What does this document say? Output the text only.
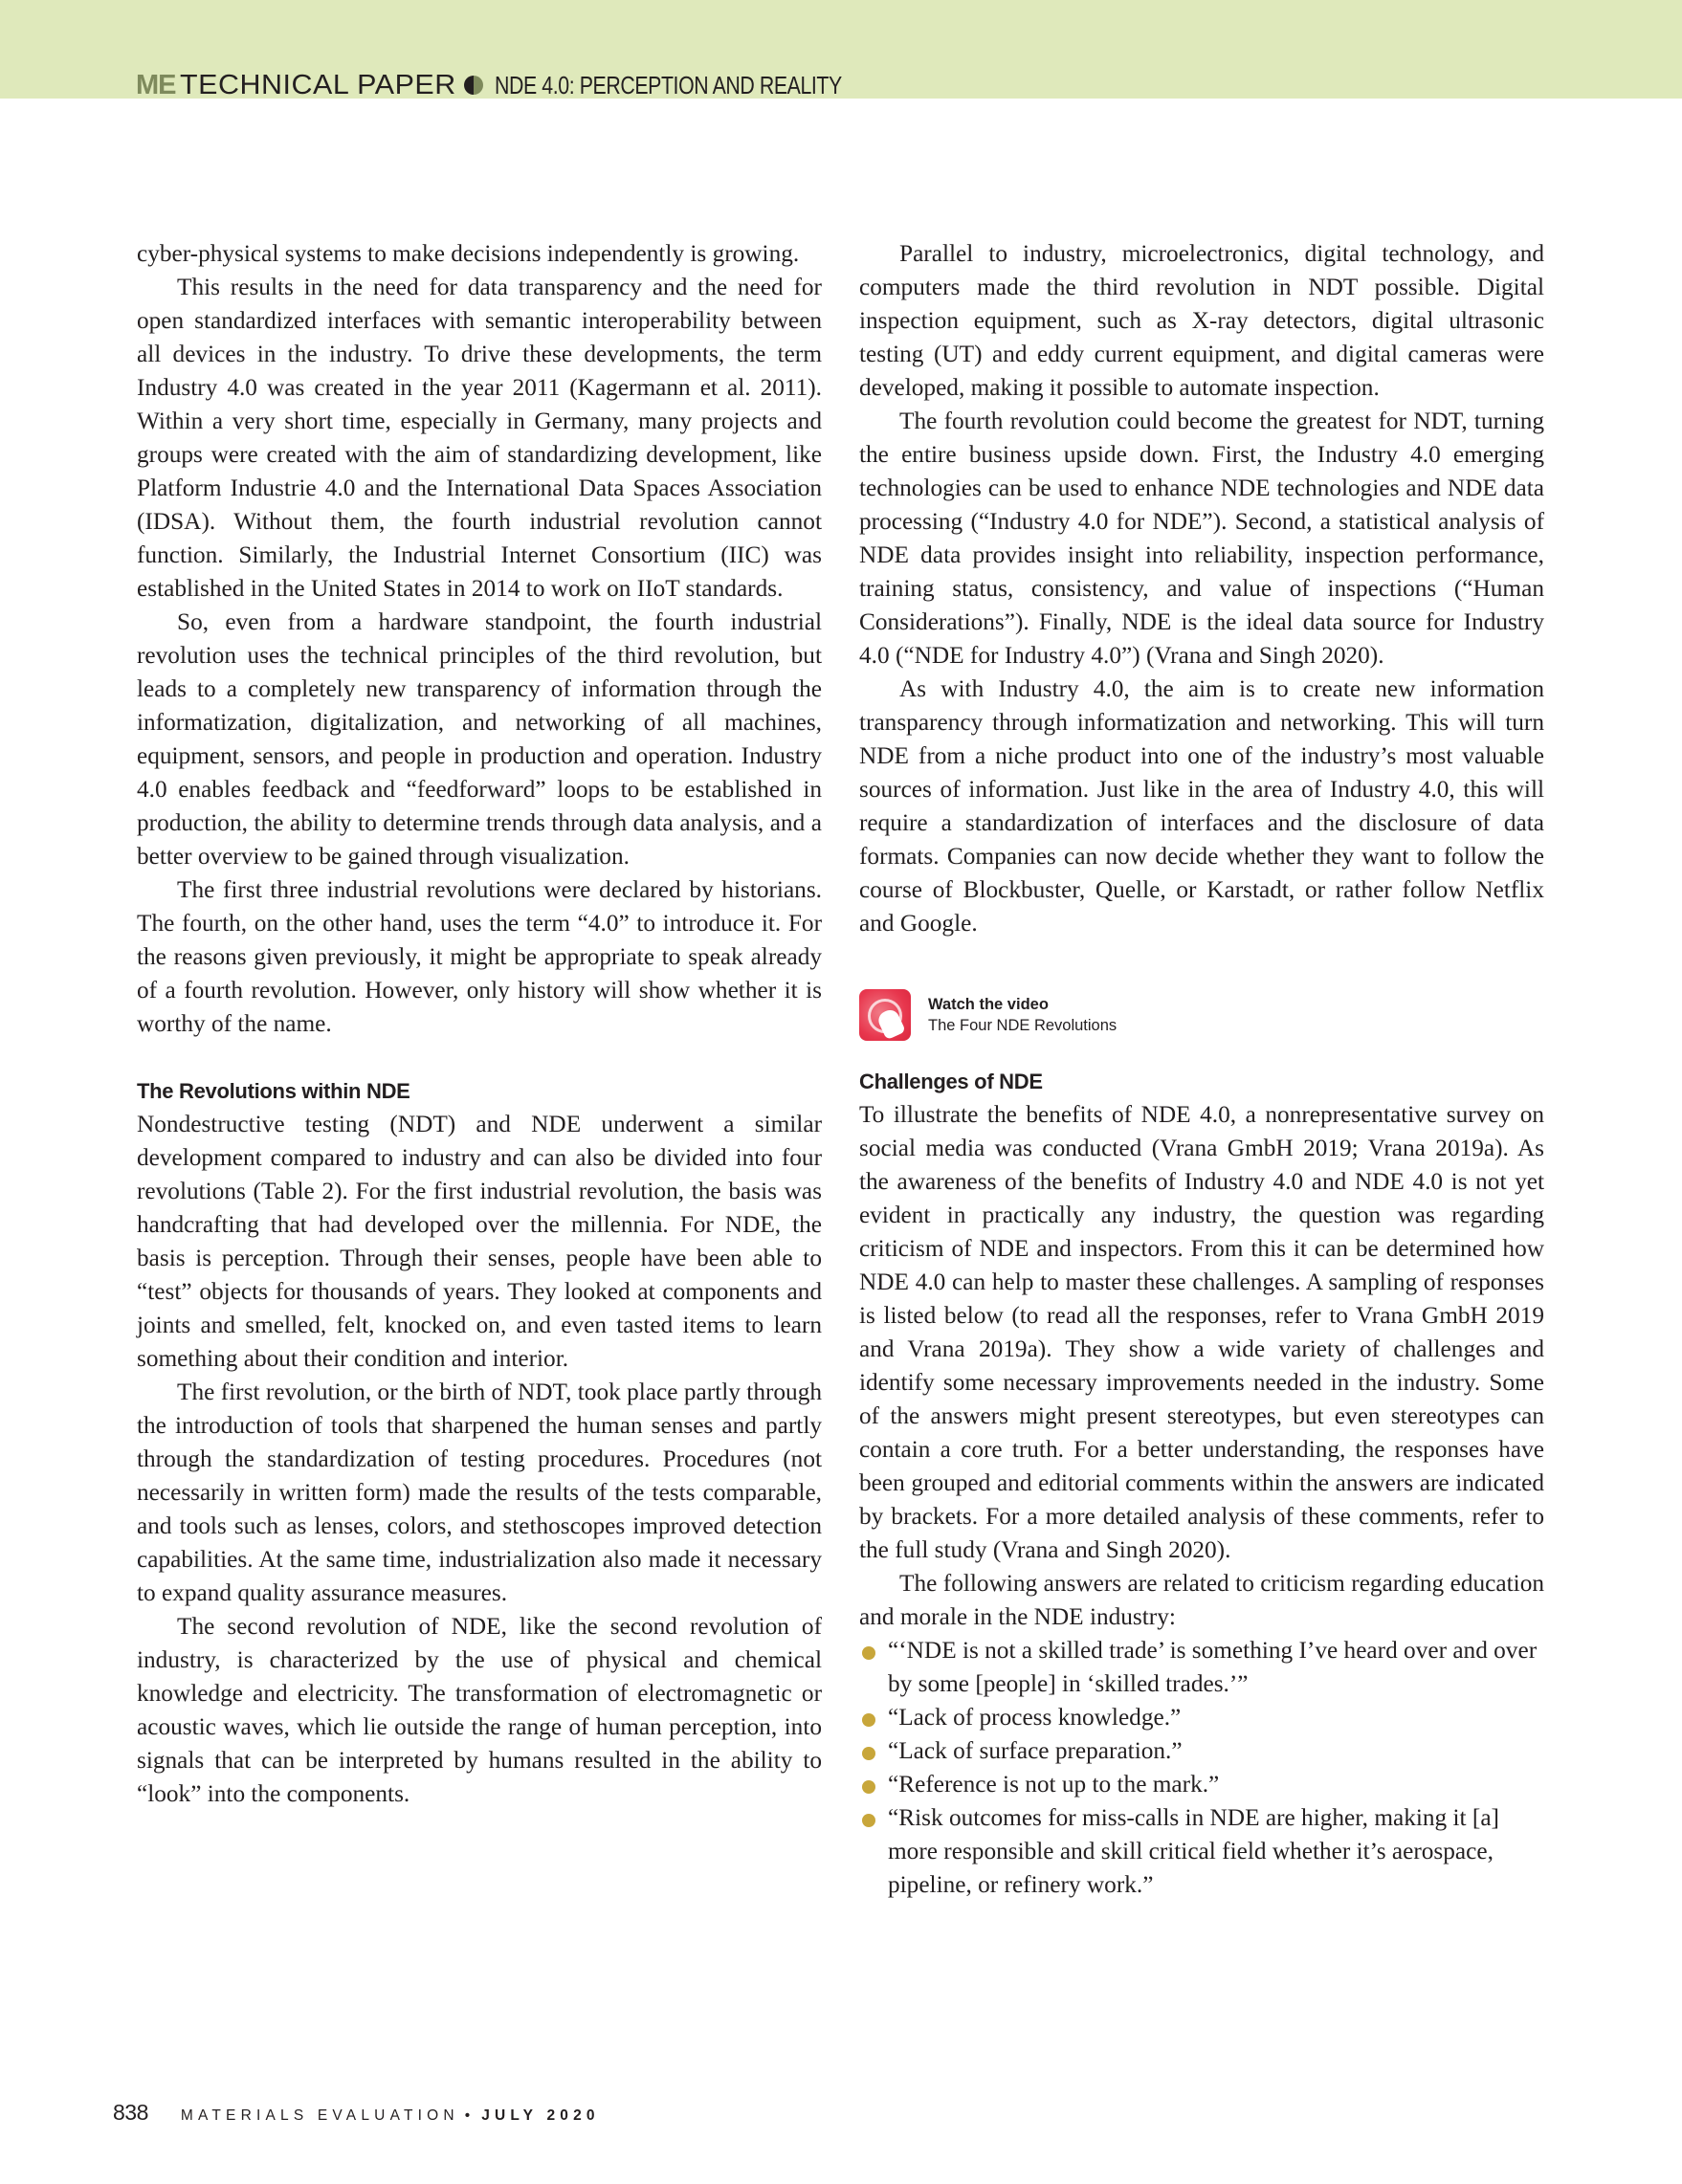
ME TECHNICAL PAPER NDE 4.0: PERCEPTION AND REALITY

cyber-physical systems to make decisions independently is growing.

This results in the need for data transparency and the need for open standardized interfaces with semantic interoperability between all devices in the industry. To drive these developments, the term Industry 4.0 was created in the year 2011 (Kagermann et al. 2011). Within a very short time, especially in Germany, many projects and groups were created with the aim of standardizing development, like Platform Industrie 4.0 and the International Data Spaces Association (IDSA). Without them, the fourth industrial revolution cannot function. Similarly, the Industrial Internet Consortium (IIC) was established in the United States in 2014 to work on IIoT standards.

So, even from a hardware standpoint, the fourth industrial revolution uses the technical principles of the third revolution, but leads to a completely new transparency of information through the informatization, digitalization, and networking of all machines, equipment, sensors, and people in production and operation. Industry 4.0 enables feedback and “feedforward” loops to be established in production, the ability to determine trends through data analysis, and a better overview to be gained through visualization.

The first three industrial revolutions were declared by historians. The fourth, on the other hand, uses the term “4.0” to introduce it. For the reasons given previously, it might be appropriate to speak already of a fourth revolution. However, only history will show whether it is worthy of the name.

The Revolutions within NDE

Nondestructive testing (NDT) and NDE underwent a similar development compared to industry and can also be divided into four revolutions (Table 2). For the first industrial revolution, the basis was handcrafting that had developed over the millennia. For NDE, the basis is perception. Through their senses, people have been able to “test” objects for thousands of years. They looked at components and joints and smelled, felt, knocked on, and even tasted items to learn something about their condition and interior.

The first revolution, or the birth of NDT, took place partly through the introduction of tools that sharpened the human senses and partly through the standardization of testing procedures. Procedures (not necessarily in written form) made the results of the tests comparable, and tools such as lenses, colors, and stethoscopes improved detection capabilities. At the same time, industrialization also made it necessary to expand quality assurance measures.

The second revolution of NDE, like the second revolution of industry, is characterized by the use of physical and chemical knowledge and electricity. The transformation of electromagnetic or acoustic waves, which lie outside the range of human perception, into signals that can be interpreted by humans resulted in the ability to “look” into the components.

Parallel to industry, microelectronics, digital technology, and computers made the third revolution in NDT possible. Digital inspection equipment, such as X-ray detectors, digital ultrasonic testing (UT) and eddy current equipment, and digital cameras were developed, making it possible to automate inspection.

The fourth revolution could become the greatest for NDT, turning the entire business upside down. First, the Industry 4.0 emerging technologies can be used to enhance NDE technologies and NDE data processing (“Industry 4.0 for NDE”). Second, a statistical analysis of NDE data provides insight into reliability, inspection performance, training status, consistency, and value of inspections (“Human Considerations”). Finally, NDE is the ideal data source for Industry 4.0 (“NDE for Industry 4.0”) (Vrana and Singh 2020).

As with Industry 4.0, the aim is to create new information transparency through informatization and networking. This will turn NDE from a niche product into one of the industry’s most valuable sources of information. Just like in the area of Industry 4.0, this will require a standardization of interfaces and the disclosure of data formats. Companies can now decide whether they want to follow the course of Blockbuster, Quelle, or Karstadt, or rather follow Netflix and Google.

Watch the video
The Four NDE Revolutions
Challenges of NDE

To illustrate the benefits of NDE 4.0, a nonrepresentative survey on social media was conducted (Vrana GmbH 2019; Vrana 2019a). As the awareness of the benefits of Industry 4.0 and NDE 4.0 is not yet evident in practically any industry, the question was regarding criticism of NDE and inspectors. From this it can be determined how NDE 4.0 can help to master these challenges. A sampling of responses is listed below (to read all the responses, refer to Vrana GmbH 2019 and Vrana 2019a). They show a wide variety of challenges and identify some necessary improvements needed in the industry. Some of the answers might present stereotypes, but even stereotypes can contain a core truth. For a better understanding, the responses have been grouped and editorial comments within the answers are indicated by brackets. For a more detailed analysis of these comments, refer to the full study (Vrana and Singh 2020).

The following answers are related to criticism regarding education and morale in the NDE industry:

“‘NDE is not a skilled trade’ is something I’ve heard over and over by some [people] in ‘skilled trades.’”
“Lack of process knowledge.”
“Lack of surface preparation.”
“Reference is not up to the mark.”
“Risk outcomes for miss-calls in NDE are higher, making it [a] more responsible and skill critical field whether it’s aerospace, pipeline, or refinery work.”
838 MATERIALS EVALUATION • JULY 2020
